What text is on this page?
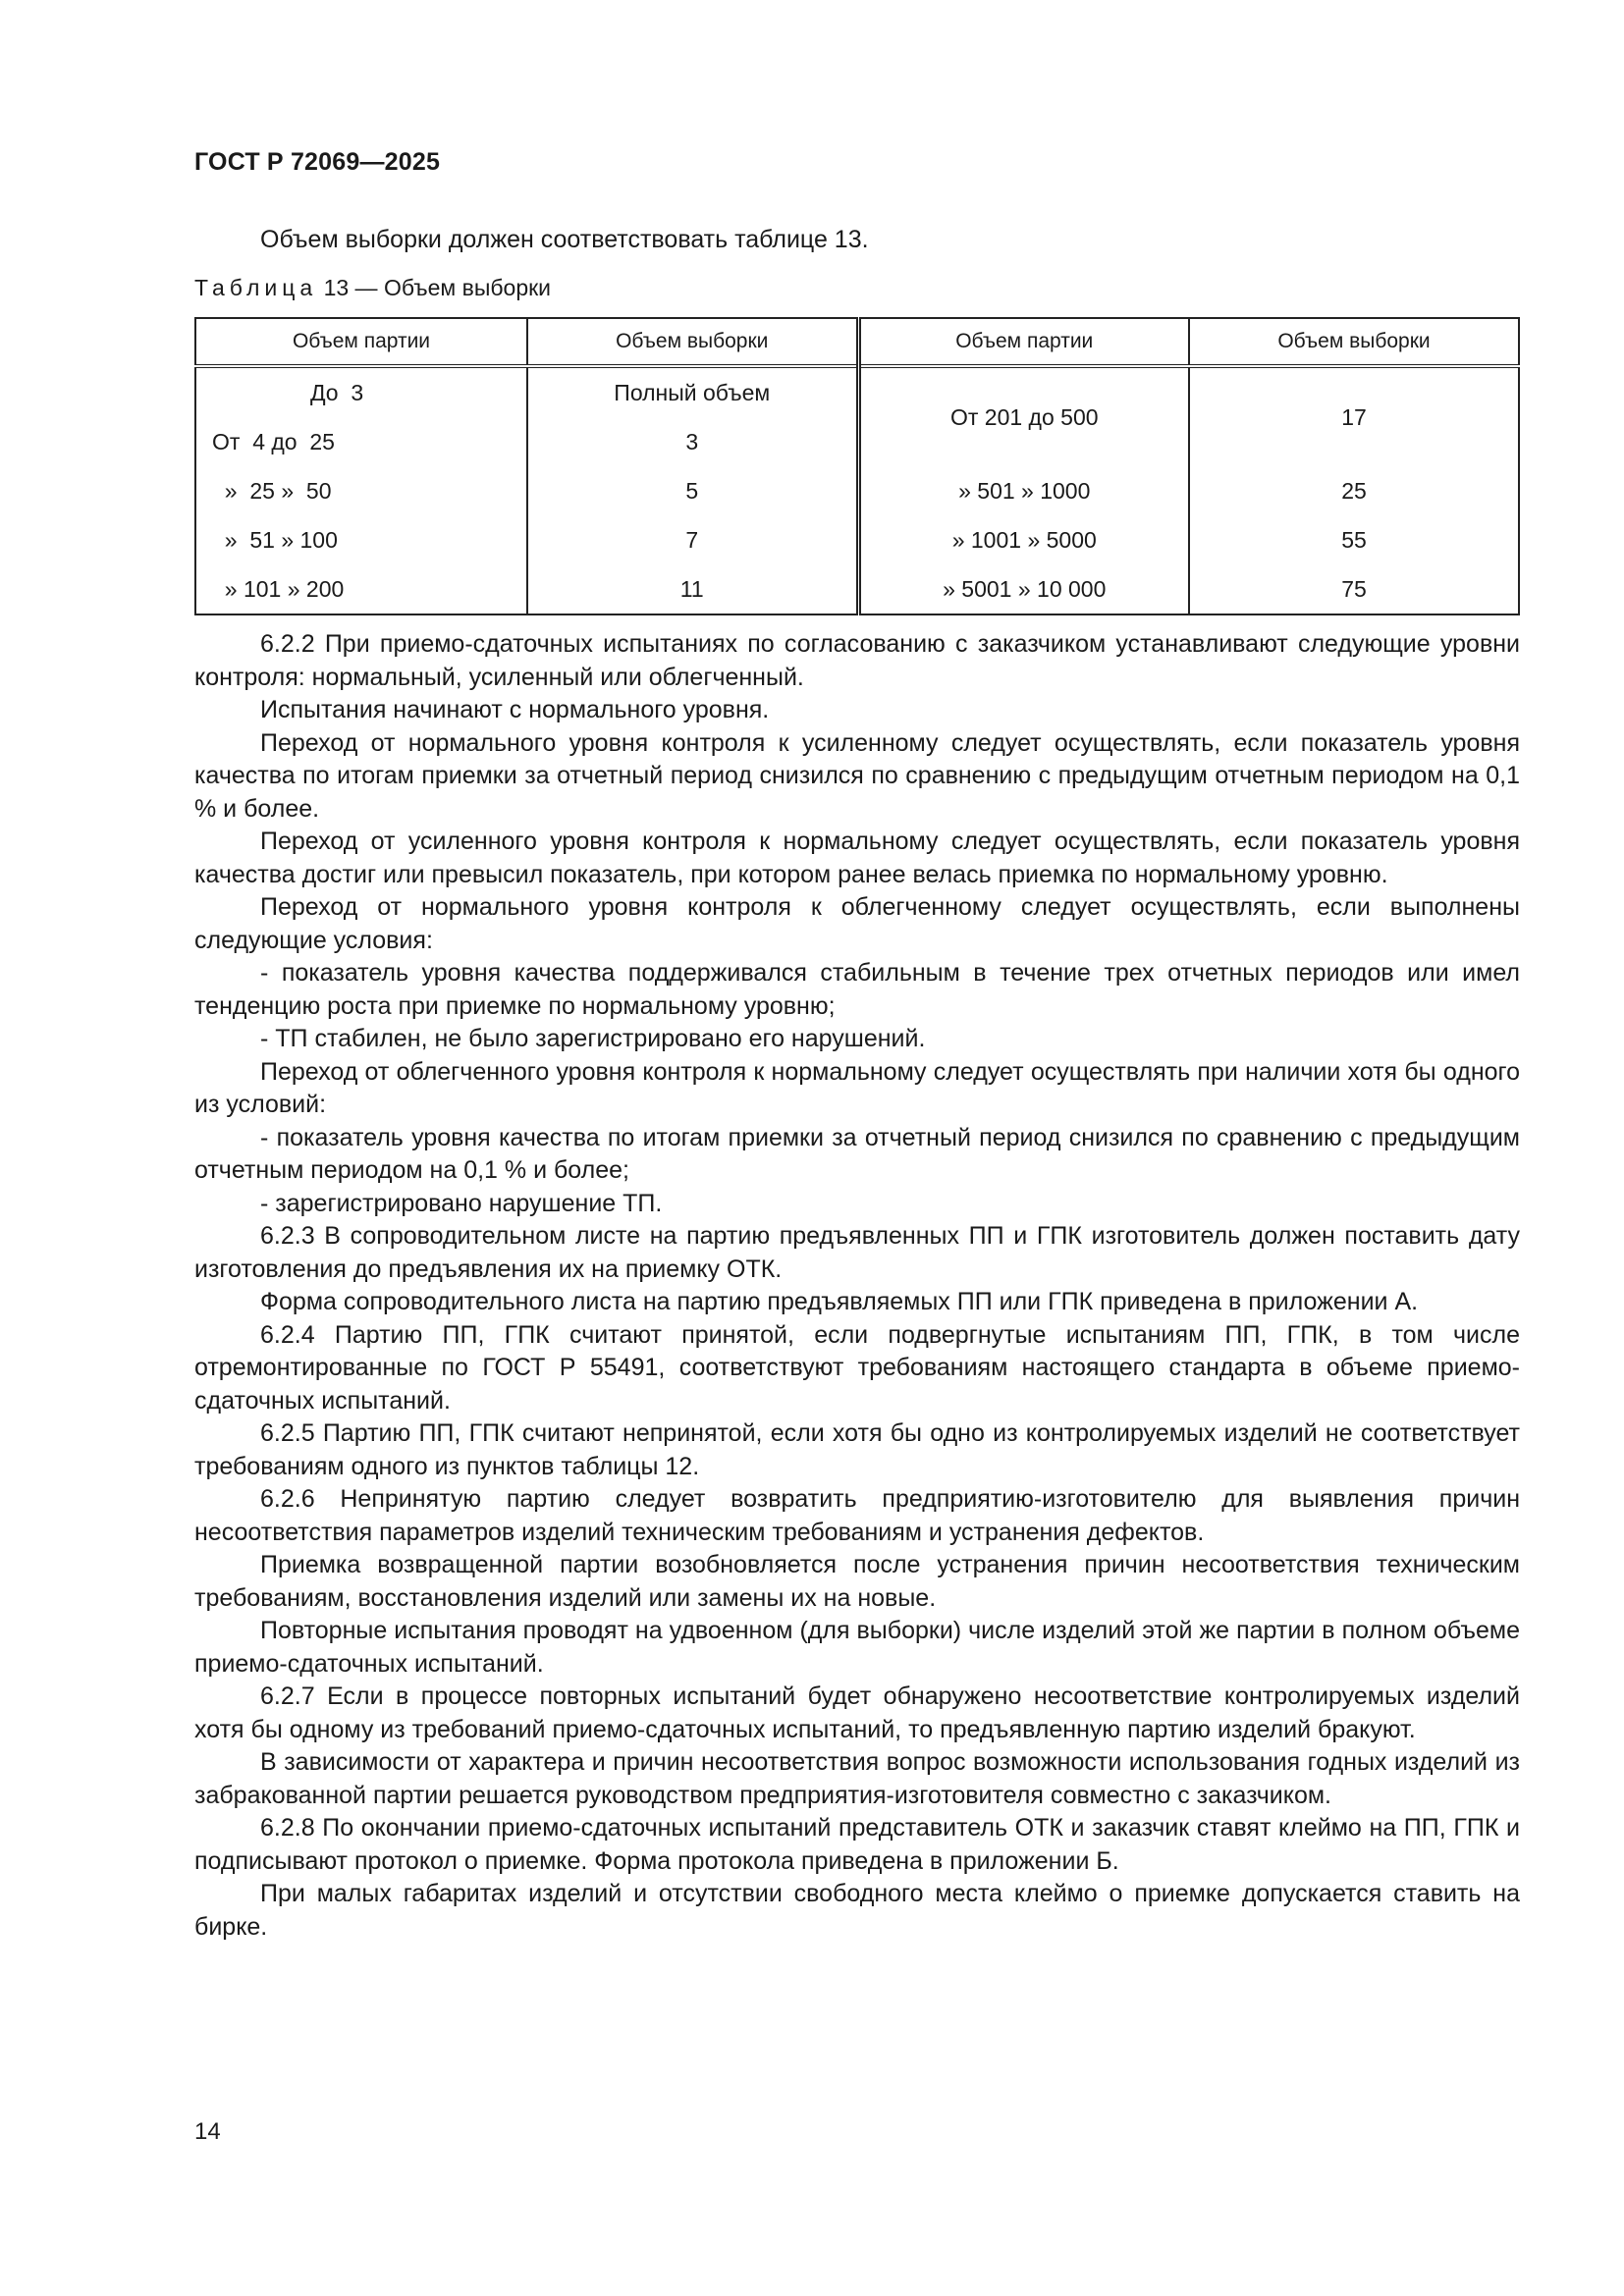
ГОСТ Р 72069—2025
Объем выборки должен соответствовать таблице 13.
Таблица 13 — Объем выборки
Объем партии	Объем выборки	Объем партии	Объем выборки
До  3	Полный объем	От 201 до 500	17
От  4 до  25	3		
»  25 »  50	5	» 501 » 1000	25
»  51 » 100	7	» 1001 » 5000	55
» 101 » 200	11	» 5001 » 10 000	75

6.2.2 При приемо-сдаточных испытаниях по согласованию с заказчиком устанавливают следующие уровни контроля: нормальный, усиленный или облегченный.

Испытания начинают с нормального уровня.

Переход от нормального уровня контроля к усиленному следует осуществлять, если показатель уровня качества по итогам приемки за отчетный период снизился по сравнению с предыдущим отчетным периодом на 0,1 % и более.

Переход от усиленного уровня контроля к нормальному следует осуществлять, если показатель уровня качества достиг или превысил показатель, при котором ранее велась приемка по нормальному уровню.

Переход от нормального уровня контроля к облегченному следует осуществлять, если выполнены следующие условия:

- показатель уровня качества поддерживался стабильным в течение трех отчетных периодов или имел тенденцию роста при приемке по нормальному уровню;

- ТП стабилен, не было зарегистрировано его нарушений.

Переход от облегченного уровня контроля к нормальному следует осуществлять при наличии хотя бы одного из условий:

- показатель уровня качества по итогам приемки за отчетный период снизился по сравнению с предыдущим отчетным периодом на 0,1 % и более;

- зарегистрировано нарушение ТП.

6.2.3 В сопроводительном листе на партию предъявленных ПП и ГПК изготовитель должен поставить дату изготовления до предъявления их на приемку ОТК.

Форма сопроводительного листа на партию предъявляемых ПП или ГПК приведена в приложении А.

6.2.4 Партию ПП, ГПК считают принятой, если подвергнутые испытаниям ПП, ГПК, в том числе отремонтированные по ГОСТ Р 55491, соответствуют требованиям настоящего стандарта в объеме приемо-сдаточных испытаний.

6.2.5 Партию ПП, ГПК считают непринятой, если хотя бы одно из контролируемых изделий не соответствует требованиям одного из пунктов таблицы 12.

6.2.6 Непринятую партию следует возвратить предприятию-изготовителю для выявления причин несоответствия параметров изделий техническим требованиям и устранения дефектов.

Приемка возвращенной партии возобновляется после устранения причин несоответствия техническим требованиям, восстановления изделий или замены их на новые.

Повторные испытания проводят на удвоенном (для выборки) числе изделий этой же партии в полном объеме приемо-сдаточных испытаний.

6.2.7 Если в процессе повторных испытаний будет обнаружено несоответствие контролируемых изделий хотя бы одному из требований приемо-сдаточных испытаний, то предъявленную партию изделий бракуют.

В зависимости от характера и причин несоответствия вопрос возможности использования годных изделий из забракованной партии решается руководством предприятия-изготовителя совместно с заказчиком.

6.2.8 По окончании приемо-сдаточных испытаний представитель ОТК и заказчик ставят клеймо на ПП, ГПК и подписывают протокол о приемке. Форма протокола приведена в приложении Б.

При малых габаритах изделий и отсутствии свободного места клеймо о приемке допускается ставить на бирке.

14
